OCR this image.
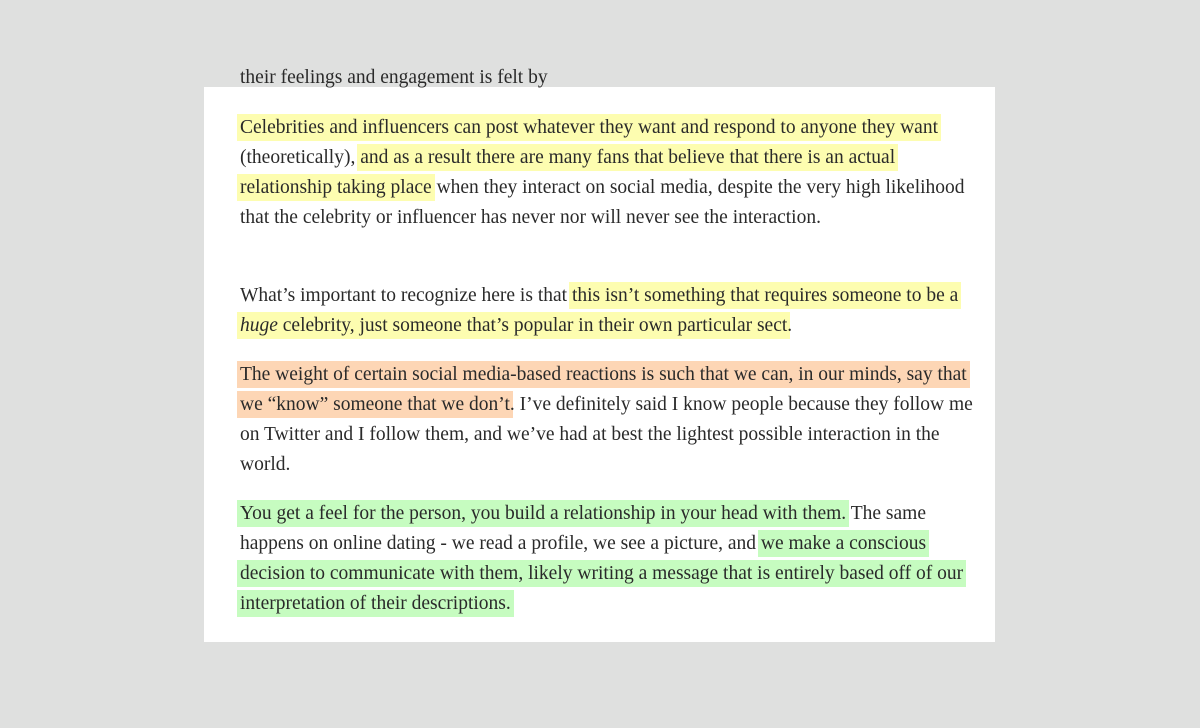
their feelings and engagement is felt by

Celebrities and influencers can post whatever they want and respond to anyone they want (theoretically), and as a result there are many fans that believe that there is an actual relationship taking place when they interact on social media, despite the very high likelihood that the celebrity or influencer has never nor will never see the interaction.

What’s important to recognize here is that this isn’t something that requires someone to be a huge celebrity, just someone that’s popular in their own particular sect.

The weight of certain social media-based reactions is such that we can, in our minds, say that we “know” someone that we don’t. I’ve definitely said I know people because they follow me on Twitter and I follow them, and we’ve had at best the lightest possible interaction in the world.

You get a feel for the person, you build a relationship in your head with them. The same happens on online dating - we read a profile, we see a picture, and we make a conscious decision to communicate with them, likely writing a message that is entirely based off of our interpretation of their descriptions.
